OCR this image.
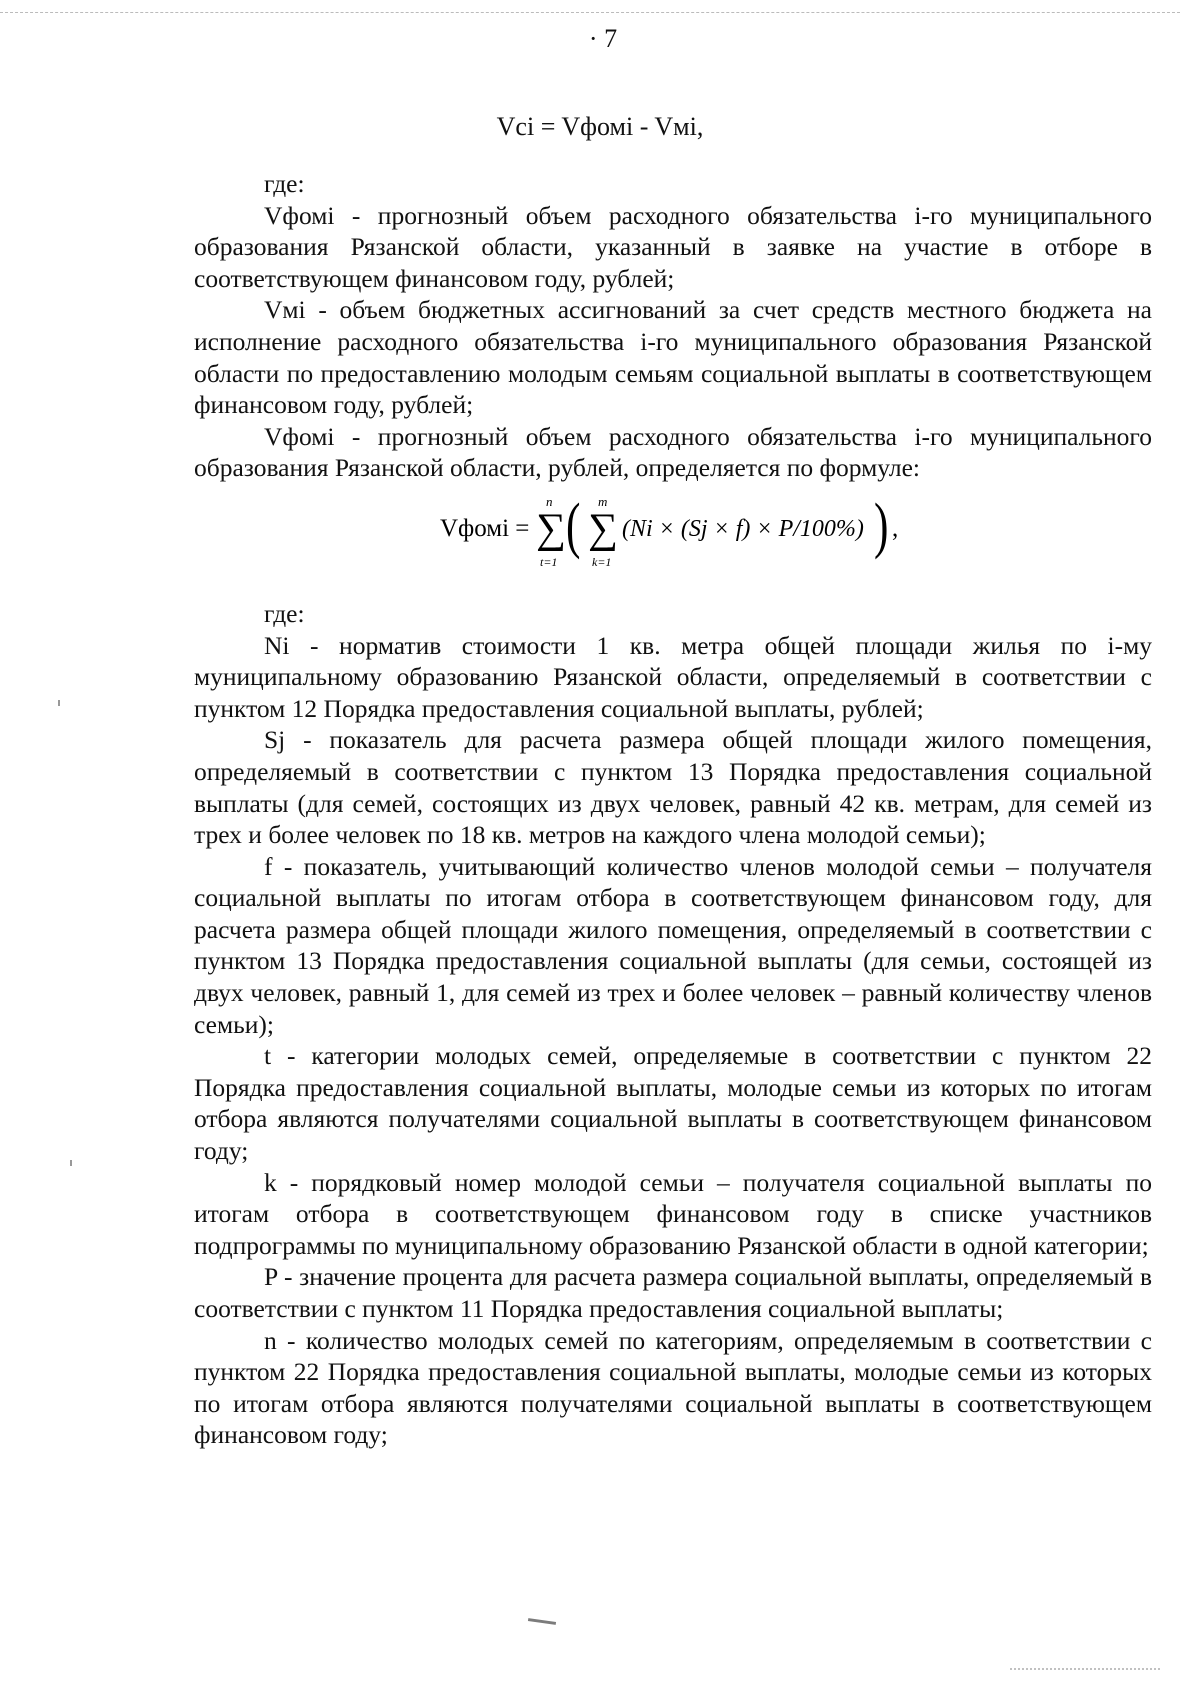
· 7
Vci = Vфомi - Vмi,

где:

Vфомi - прогнозный объем расходного обязательства i-го муниципального образования Рязанской области, указанный в заявке на участие в отборе в соответствующем финансовом году, рублей;

Vмi - объем бюджетных ассигнований за счет средств местного бюджета на исполнение расходного обязательства i-го муниципального образования Рязанской области по предоставлению молодым семьям социальной выплаты в соответствующем финансовом году, рублей;

Vфомi - прогнозный объем расходного обязательства i-го муниципального образования Рязанской области, рублей, определяется по формуле:

Vфомi =
n
∑
t=1
( m
∑
k=1
(Ni × (Sj × f) × P/100%) ) ,

где:

Ni - норматив стоимости 1 кв. метра общей площади жилья по i-му муниципальному образованию Рязанской области, определяемый в соответствии с пунктом 12 Порядка предоставления социальной выплаты, рублей;

Sj - показатель для расчета размера общей площади жилого помещения, определяемый в соответствии с пунктом 13 Порядка предоставления социальной выплаты (для семей, состоящих из двух человек, равный 42 кв. метрам, для семей из трех и более человек по 18 кв. метров на каждого члена молодой семьи);

f - показатель, учитывающий количество членов молодой семьи – получателя социальной выплаты по итогам отбора в соответствующем финансовом году, для расчета размера общей площади жилого помещения, определяемый в соответствии с пунктом 13 Порядка предоставления социальной выплаты (для семьи, состоящей из двух человек, равный 1, для семей из трех и более человек – равный количеству членов семьи);

t - категории молодых семей, определяемые в соответствии с пунктом 22 Порядка предоставления социальной выплаты, молодые семьи из которых по итогам отбора являются получателями социальной выплаты в соответствующем финансовом году;

k - порядковый номер молодой семьи – получателя социальной выплаты по итогам отбора в соответствующем финансовом году в списке участников подпрограммы по муниципальному образованию Рязанской области в одной категории;

P - значение процента для расчета размера социальной выплаты, определяемый в соответствии с пунктом 11 Порядка предоставления социальной выплаты;

n - количество молодых семей по категориям, определяемым в соответствии с пунктом 22 Порядка предоставления социальной выплаты, молодые семьи из которых по итогам отбора являются получателями социальной выплаты в соответствующем финансовом году;
